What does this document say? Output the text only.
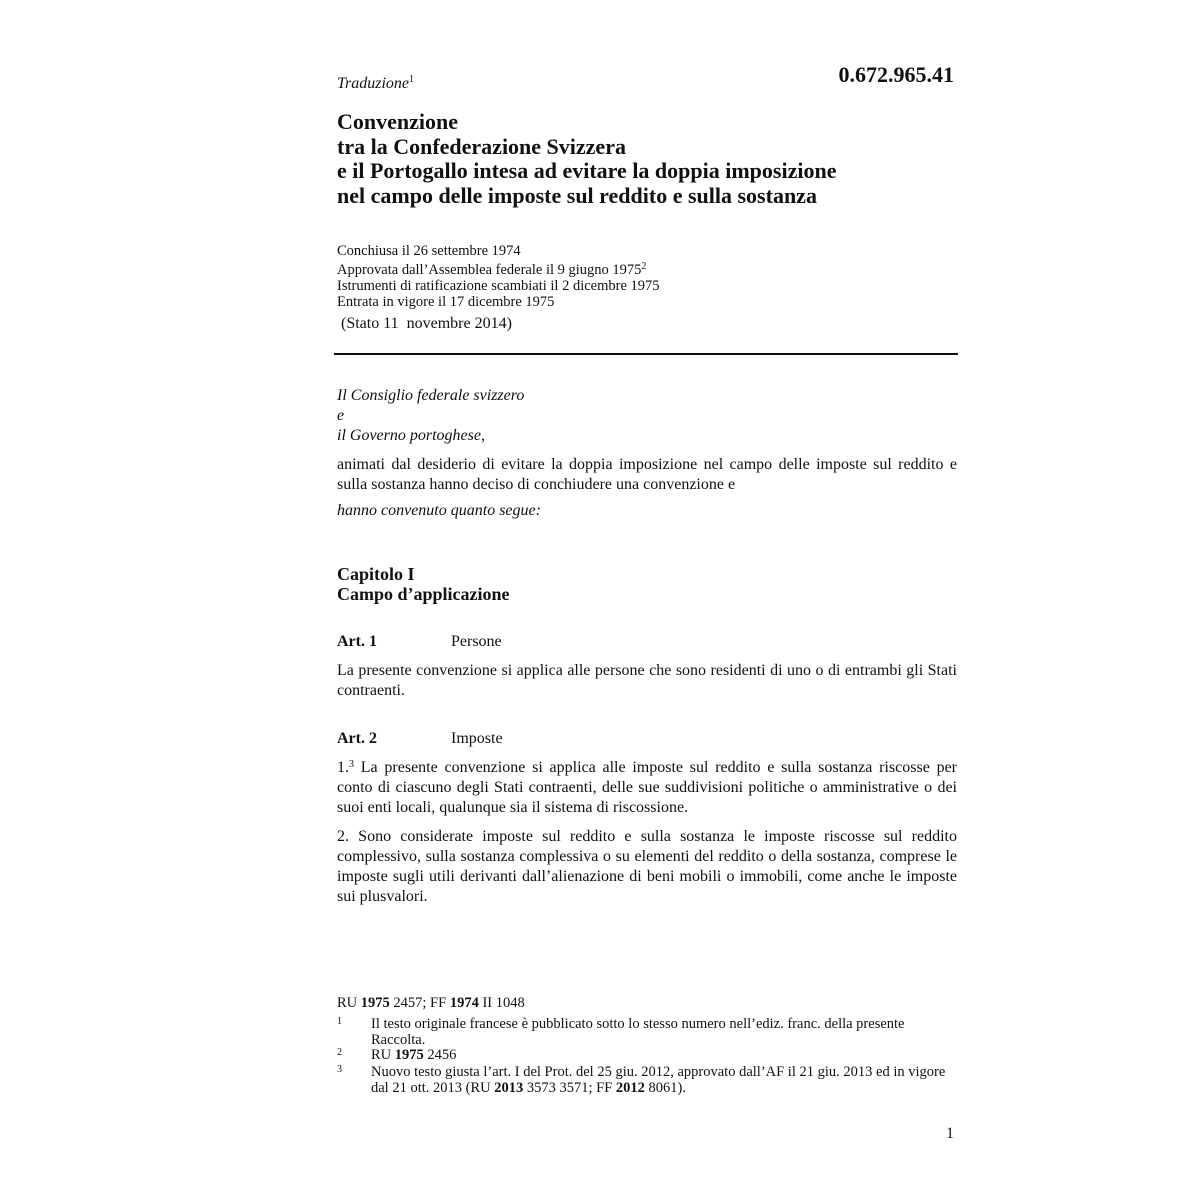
Traduzione$^1$	0.672.965.41
Convenzione
tra la Confederazione Svizzera
e il Portogallo intesa ad evitare la doppia imposizione
nel campo delle imposte sul reddito e sulla sostanza
Conchiusa il 26 settembre 1974
Approvata dall’Assemblea federale il 9 giugno 1975$^2$
Istrumenti di ratificazione scambiati il 2 dicembre 1975
Entrata in vigore il 17 dicembre 1975
(Stato 11  novembre 2014)
Il Consiglio federale svizzero
e
il Governo portoghese,
animati dal desiderio di evitare la doppia imposizione nel campo delle imposte sul reddito e sulla sostanza hanno deciso di conchiudere una convenzione e
hanno convenuto quanto segue:
Capitolo I
Campo d’applicazione
Art. 1	Persone
La presente convenzione si applica alle persone che sono residenti di uno o di entrambi gli Stati contraenti.
Art. 2	Imposte
1.$^3$ La presente convenzione si applica alle imposte sul reddito e sulla sostanza riscosse per conto di ciascuno degli Stati contraenti, delle sue suddivisioni politiche o amministrative o dei suoi enti locali, qualunque sia il sistema di riscossione.
2. Sono considerate imposte sul reddito e sulla sostanza le imposte riscosse sul reddito complessivo, sulla sostanza complessiva o su elementi del reddito o della sostanza, comprese le imposte sugli utili derivanti dall’alienazione di beni mobili o immobili, come anche le imposte sui plusvalori.
RU 1975 2457; FF 1974 II 1048
1 Il testo originale francese è pubblicato sotto lo stesso numero nell’ediz. franc. della presente Raccolta.
2 RU 1975 2456
3 Nuovo testo giusta l’art. I del Prot. del 25 giu. 2012, approvato dall’AF il 21 giu. 2013 ed in vigore dal 21 ott. 2013 (RU 2013 3573 3571; FF 2012 8061).
1
